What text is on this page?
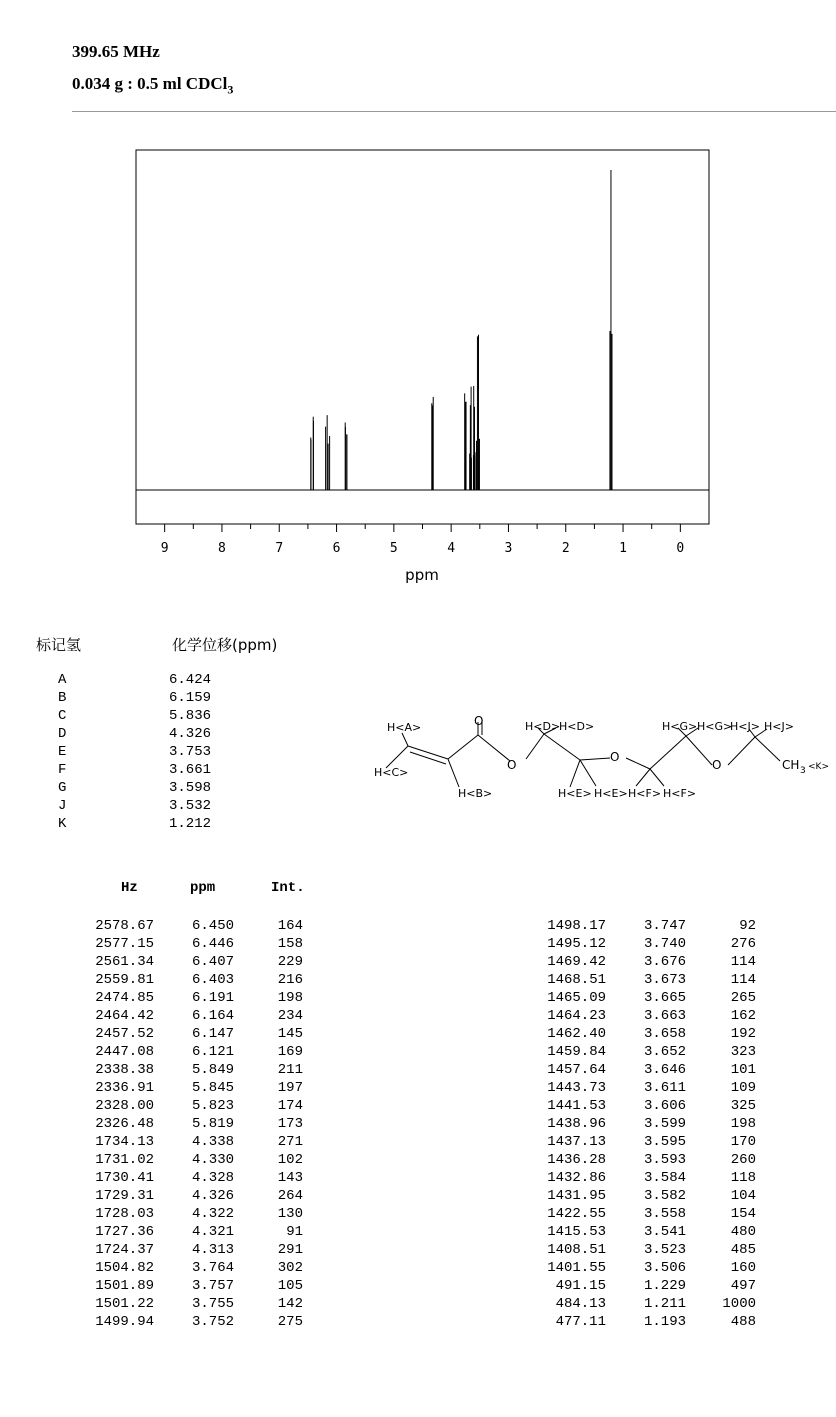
399.65 MHz
0.034 g : 0.5 ml CDCl$_3$
9	8	7	6	5	4	3	2	1	0
ppm
标记氢	化学位移(ppm)
A	6.424
B	6.159
C	5.836
D	4.326
E	3.753
F	3.661
G	3.598
J	3.532
K	1.212
H<A>
H<C>
O
H<B>
O
H<D>
H<D>
H<E> H<E>
O
H<F> H<F>
H<G> H<G>
O
H<J> H<J>
CH 3 <K>
Hz	ppm	Int.
2578.67	6.450	164
2577.15	6.446	158
2561.34	6.407	229
2559.81	6.403	216
2474.85	6.191	198
2464.42	6.164	234
2457.52	6.147	145
2447.08	6.121	169
2338.38	5.849	211
2336.91	5.845	197
2328.00	5.823	174
2326.48	5.819	173
1734.13	4.338	271
1731.02	4.330	102
1730.41	4.328	143
1729.31	4.326	264
1728.03	4.322	130
1727.36	4.321	91
1724.37	4.313	291
1504.82	3.764	302
1501.89	3.757	105
1501.22	3.755	142
1499.94	3.752	275
1498.17	3.747	92
1495.12	3.740	276
1469.42	3.676	114
1468.51	3.673	114
1465.09	3.665	265
1464.23	3.663	162
1462.40	3.658	192
1459.84	3.652	323
1457.64	3.646	101
1443.73	3.611	109
1441.53	3.606	325
1438.96	3.599	198
1437.13	3.595	170
1436.28	3.593	260
1432.86	3.584	118
1431.95	3.582	104
1422.55	3.558	154
1415.53	3.541	480
1408.51	3.523	485
1401.55	3.506	160
491.15	1.229	497
484.13	1.211	1000
477.11	1.193	488
